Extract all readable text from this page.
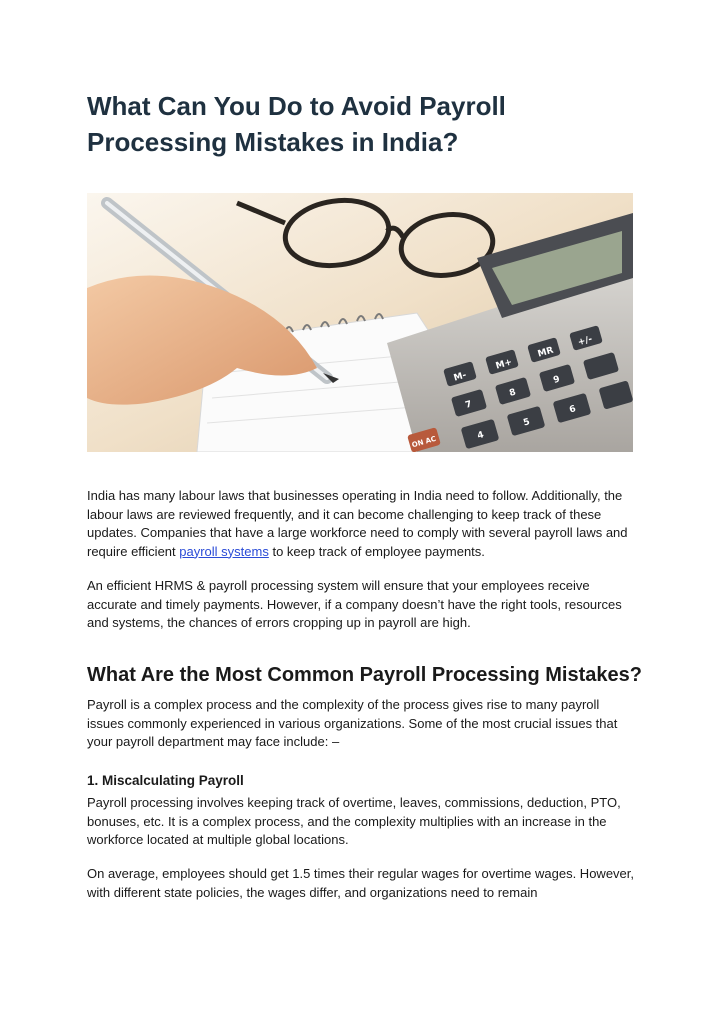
What Can You Do to Avoid Payroll Processing Mistakes in India?
M-
M+
MR
+/-
7
8
9
4
5
6
ON AC

India has many labour laws that businesses operating in India need to follow. Additionally, the labour laws are reviewed frequently, and it can become challenging to keep track of these updates. Companies that have a large workforce need to comply with several payroll laws and require efficient payroll systems to keep track of employee payments.

An efficient HRMS & payroll processing system will ensure that your employees receive accurate and timely payments. However, if a company doesn’t have the right tools, resources and systems, the chances of errors cropping up in payroll are high.

What Are the Most Common Payroll Processing Mistakes?

Payroll is a complex process and the complexity of the process gives rise to many payroll issues commonly experienced in various organizations. Some of the most crucial issues that your payroll department may face include: –

1. Miscalculating Payroll

Payroll processing involves keeping track of overtime, leaves, commissions, deduction, PTO, bonuses, etc. It is a complex process, and the complexity multiplies with an increase in the workforce located at multiple global locations.

On average, employees should get 1.5 times their regular wages for overtime wages. However, with different state policies, the wages differ, and organizations need to remain
